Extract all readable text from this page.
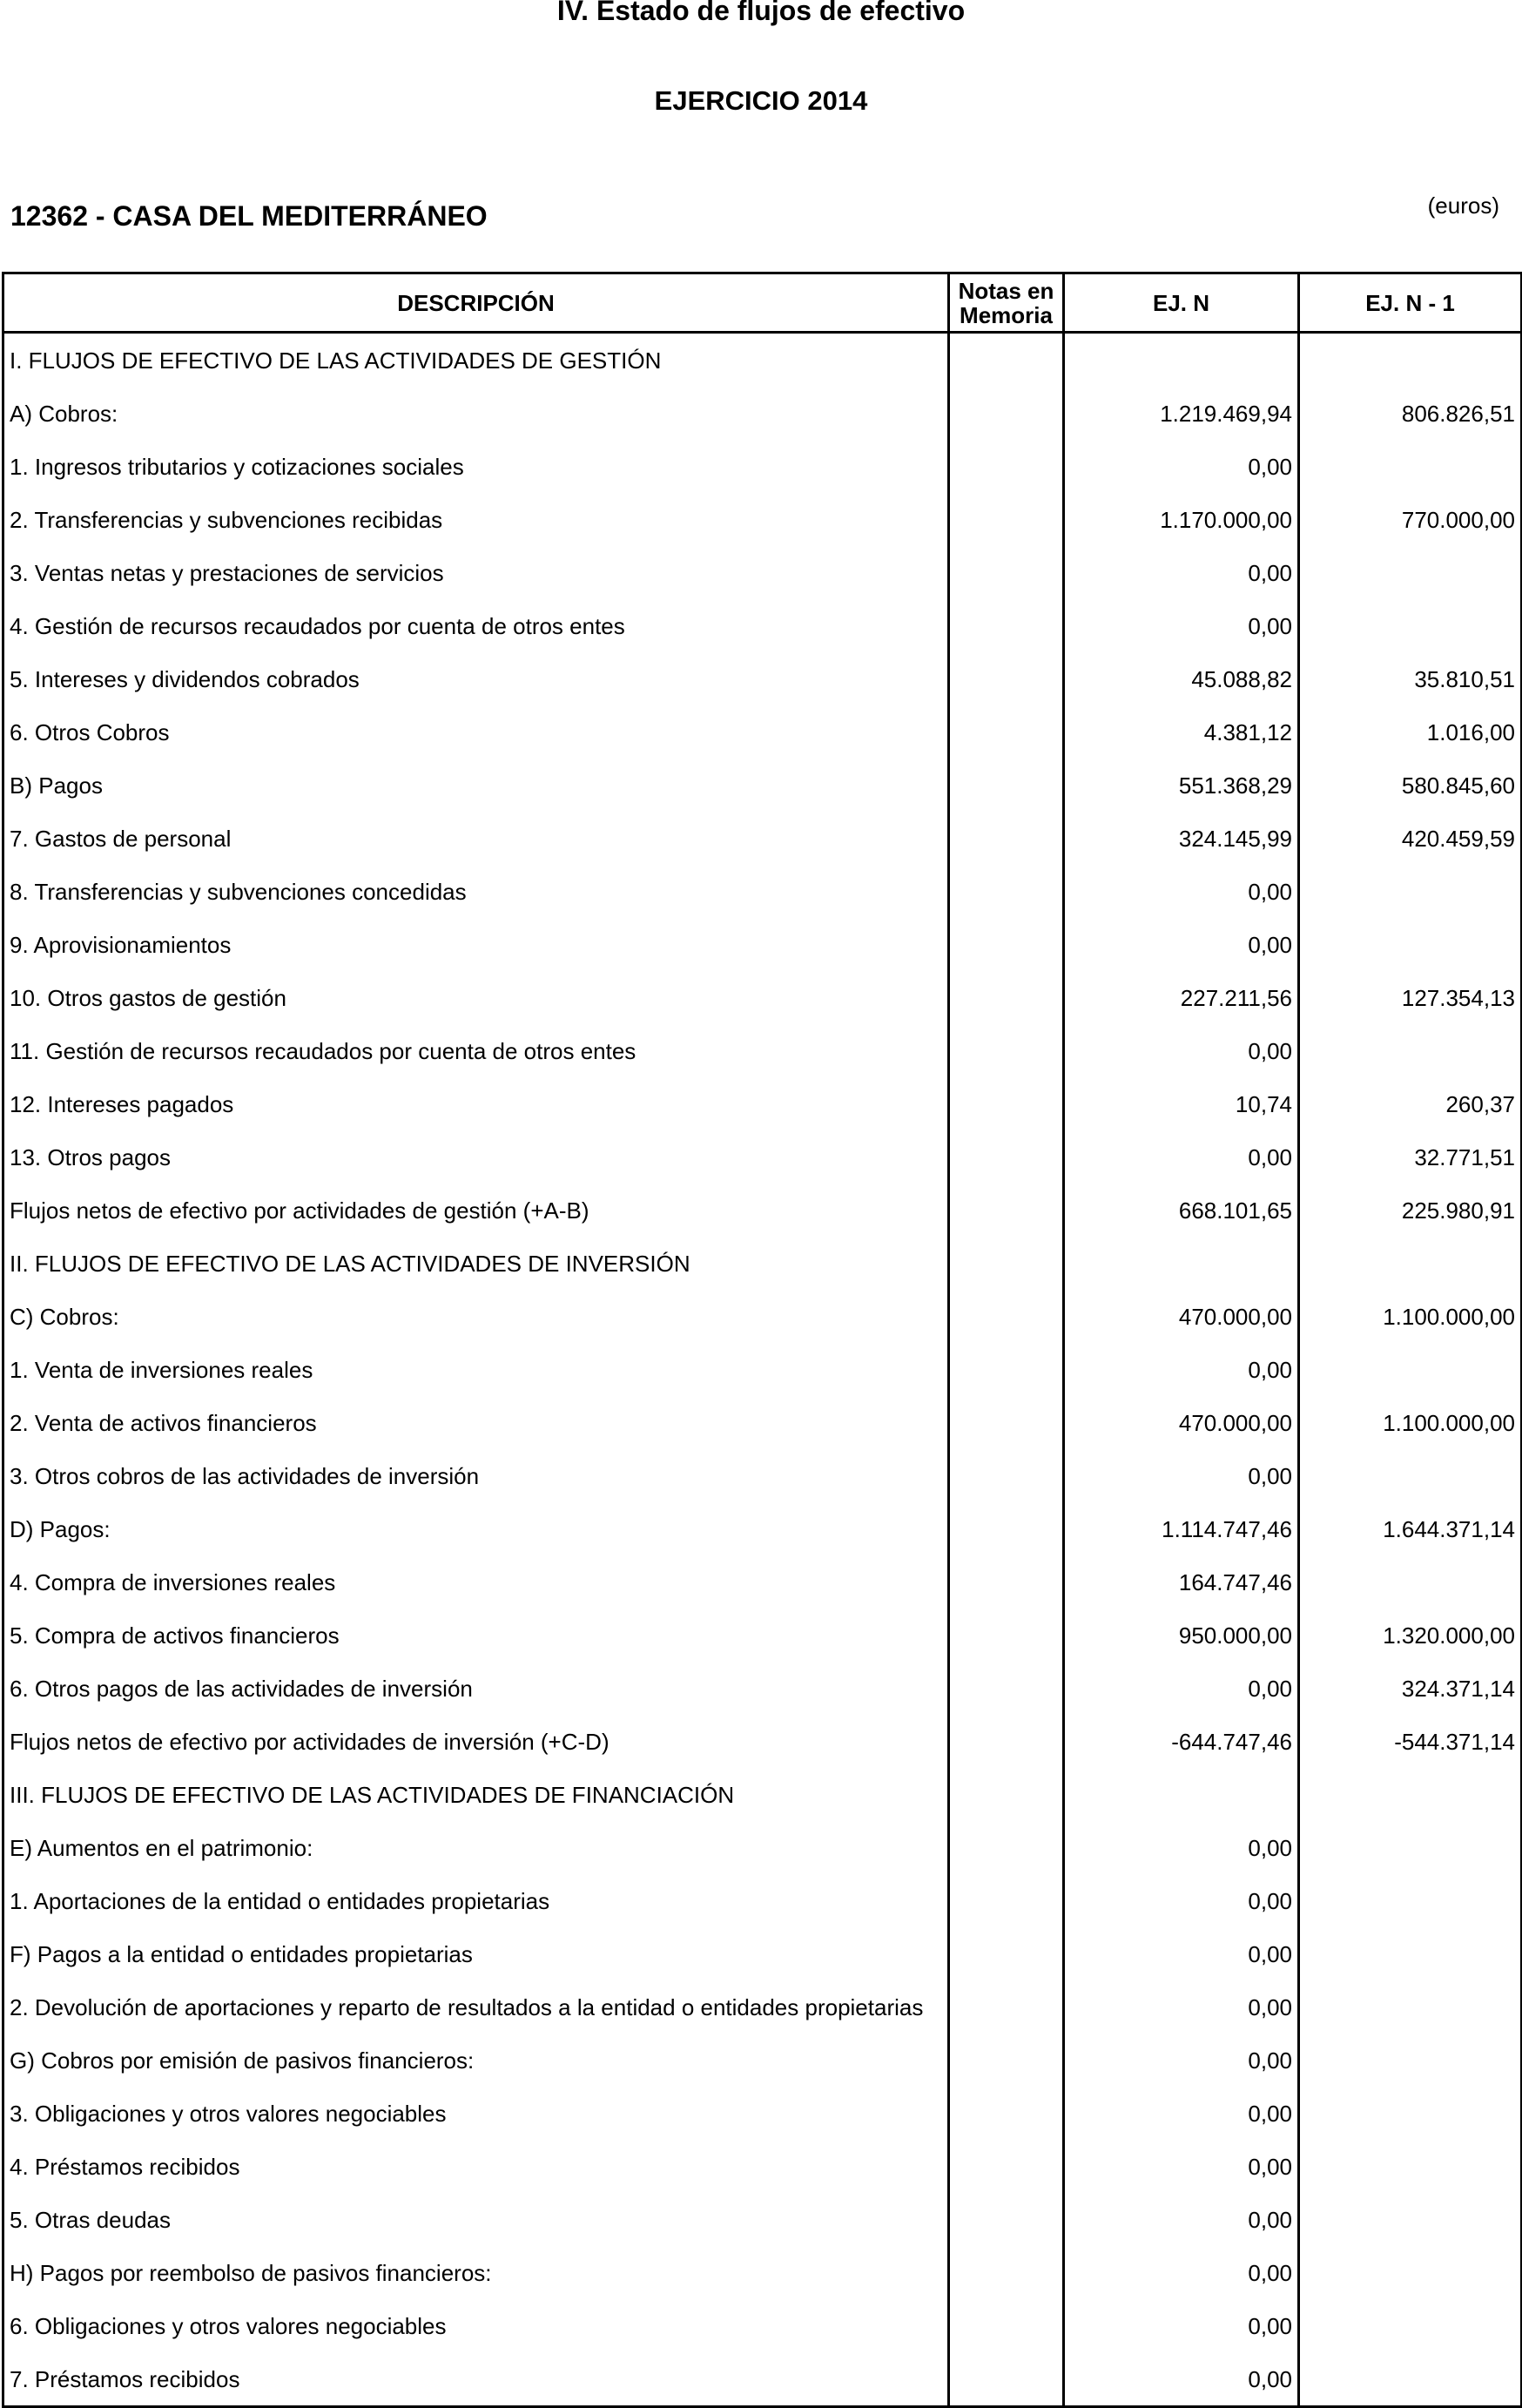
IV. Estado de flujos de efectivo
EJERCICIO 2014
12362 - CASA DEL MEDITERRÁNEO	(euros)
DESCRIPCIÓN	Notas en Memoria	EJ. N	EJ. N - 1
I. FLUJOS DE EFECTIVO DE LAS ACTIVIDADES DE GESTIÓN			
A) Cobros:		1.219.469,94	806.826,51
1. Ingresos tributarios y cotizaciones sociales		0,00	
2. Transferencias y subvenciones recibidas		1.170.000,00	770.000,00
3. Ventas netas y prestaciones de servicios		0,00	
4. Gestión de recursos recaudados por cuenta de otros entes		0,00	
5. Intereses y dividendos cobrados		45.088,82	35.810,51
6. Otros Cobros		4.381,12	1.016,00
B) Pagos		551.368,29	580.845,60
7. Gastos de personal		324.145,99	420.459,59
8. Transferencias y subvenciones concedidas		0,00	
9. Aprovisionamientos		0,00	
10. Otros gastos de gestión		227.211,56	127.354,13
11. Gestión de recursos recaudados por cuenta de otros entes		0,00	
12. Intereses pagados		10,74	260,37
13. Otros pagos		0,00	32.771,51
Flujos netos de efectivo por actividades de gestión (+A-B)		668.101,65	225.980,91
II. FLUJOS DE EFECTIVO DE LAS ACTIVIDADES DE INVERSIÓN			
C) Cobros:		470.000,00	1.100.000,00
1. Venta de inversiones reales		0,00	
2. Venta de activos financieros		470.000,00	1.100.000,00
3. Otros cobros de las actividades de inversión		0,00	
D) Pagos:		1.114.747,46	1.644.371,14
4. Compra de inversiones reales		164.747,46	
5. Compra de activos financieros		950.000,00	1.320.000,00
6. Otros pagos de las actividades de inversión		0,00	324.371,14
Flujos netos de efectivo por actividades de inversión (+C-D)		-644.747,46	-544.371,14
III. FLUJOS DE EFECTIVO DE LAS ACTIVIDADES DE FINANCIACIÓN			
E) Aumentos en el patrimonio:		0,00	
1. Aportaciones de la entidad o entidades propietarias		0,00	
F) Pagos a la entidad o entidades propietarias		0,00	
2. Devolución de aportaciones y reparto de resultados a la entidad o entidades propietarias		0,00	
G) Cobros por emisión de pasivos financieros:		0,00	
3. Obligaciones y otros valores negociables		0,00	
4. Préstamos recibidos		0,00	
5. Otras deudas		0,00	
H) Pagos por reembolso de pasivos financieros:		0,00	
6. Obligaciones y otros valores negociables		0,00	
7. Préstamos recibidos		0,00	
